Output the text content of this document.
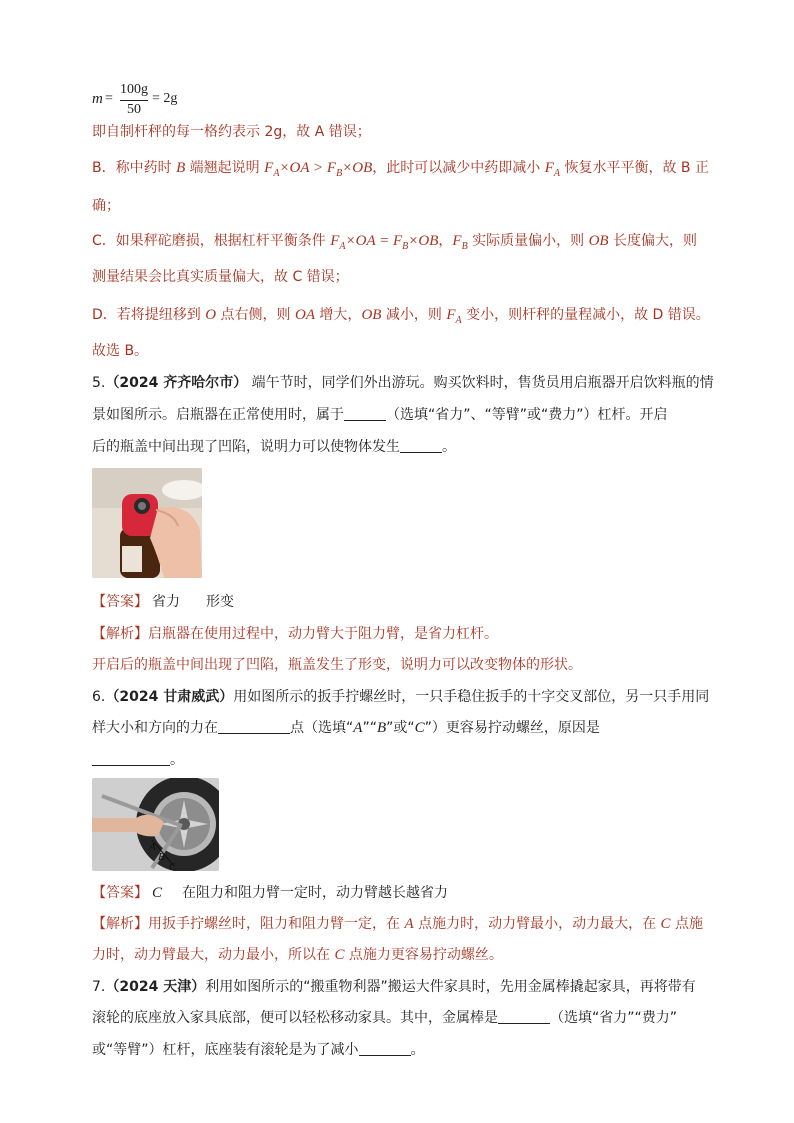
m =
100g
50
= 2g
即自制杆秤的每一格约表示 2g，故 A 错误；
B．称中药时 B 端翘起说明 $F_A\times OA > F_B\times OB$，此时可以减少中药即减小 $F_A$ 恢复水平平衡，故 B 正
确；
C．如果秤砣磨损，根据杠杆平衡条件 $F_A\times OA = F_B\times OB$，$F_B$ 实际质量偏小，则 OB 长度偏大，则
测量结果会比真实质量偏大，故 C 错误；
D．若将提纽移到 O 点右侧，则 OA 增大，OB 减小，则 $F_A$ 变小，则杆秤的量程减小，故 D 错误。
故选 B。
5.（2024 齐齐哈尔市） 端午节时，同学们外出游玩。购买饮料时，售货员用启瓶器开启饮料瓶的情
景如图所示。启瓶器在正常使用时，属于	（选填“省力”、“等臂”或“费力”）杠杆。开启
后的瓶盖中间出现了凹陷，说明力可以使物体发生	。
【答案】 省力 形变
【解析】启瓶器在使用过程中，动力臂大于阻力臂，是省力杠杆。
开启后的瓶盖中间出现了凹陷，瓶盖发生了形变，说明力可以改变物体的形状。
6.（2024 甘肃威武）用如图所示的扳手拧螺丝时，一只手稳住扳手的十字交叉部位，另一只手用同
样大小和方向的力在	点（选填“A”“B”或“C”）更容易拧动螺丝，原因是
。
A
B
C
【答案】 C 在阻力和阻力臂一定时，动力臂越长越省力
【解析】用扳手拧螺丝时，阻力和阻力臂一定，在 A 点施力时，动力臂最小，动力最大，在 C 点施
力时，动力臂最大，动力最小，所以在 C 点施力更容易拧动螺丝。
7.（2024 天津）利用如图所示的“搬重物利器”搬运大件家具时，先用金属棒撬起家具，再将带有
滚轮的底座放入家具底部，便可以轻松移动家具。其中，金属棒是	（选填“省力”“费力”
或“等臂”）杠杆，底座装有滚轮是为了减小	。
